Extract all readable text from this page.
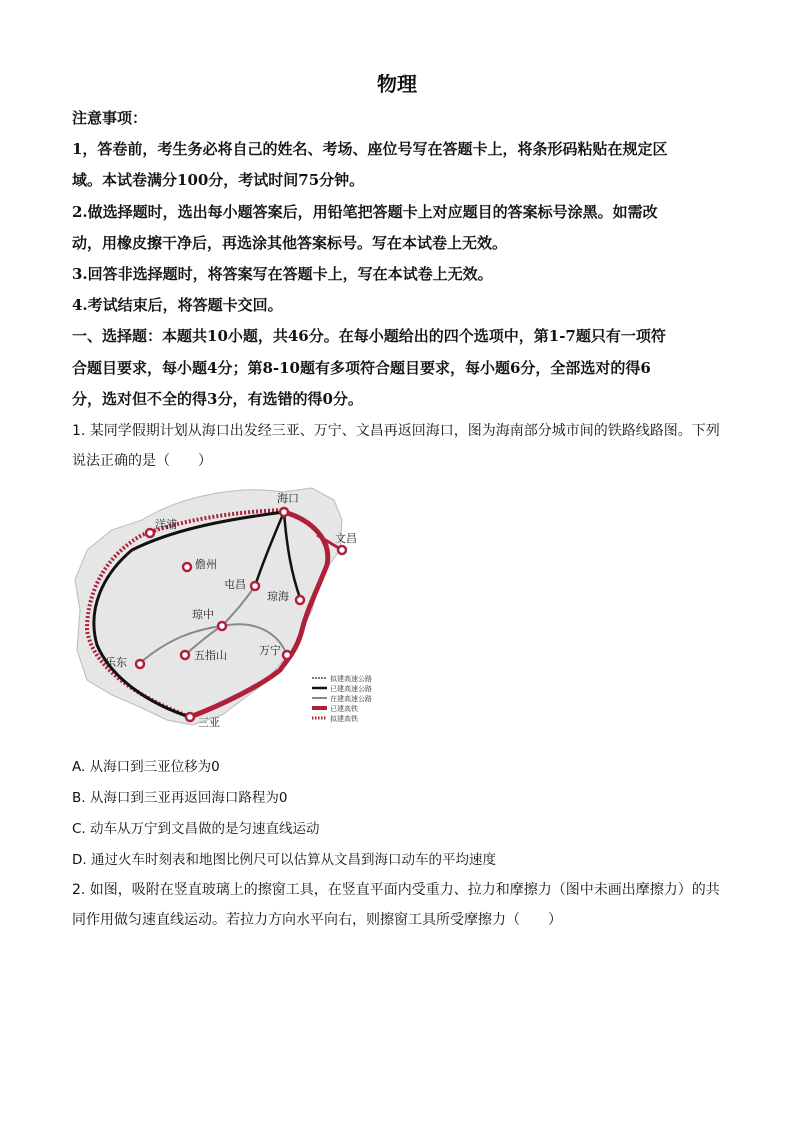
物理
注意事项：
1，答卷前，考生务必将自己的姓名、考场、座位号写在答题卡上，将条形码粘贴在规定区
域。本试卷满分100分，考试时间75分钟。
2.做选择题时，选出每小题答案后，用铅笔把答题卡上对应题目的答案标号涂黑。如需改
动，用橡皮擦干净后，再选涂其他答案标号。写在本试卷上无效。
3.回答非选择题时，将答案写在答题卡上，写在本试卷上无效。
4.考试结束后，将答题卡交回。
一、选择题：本题共10小题，共46分。在每小题给出的四个选项中，第1-7题只有一项符
合题目要求，每小题4分；第8-10题有多项符合题目要求，每小题6分，全部选对的得6
分，选对但不全的得3分，有选错的得0分。
1. 某同学假期计划从海口出发经三亚、万宁、文昌再返回海口，图为海南部分城市间的铁路线路图。下列
说法正确的是（　　）
海口
文昌
洋浦
儋州
屯昌
琼海
琼中
万宁
乐东
五指山
三亚
拟建高速公路
已建高速公路
在建高速公路
已建高铁
拟建高铁
A. 从海口到三亚位移为0
B. 从海口到三亚再返回海口路程为0
C. 动车从万宁到文昌做的是匀速直线运动
D. 通过火车时刻表和地图比例尺可以估算从文昌到海口动车的平均速度
2. 如图，吸附在竖直玻璃上的擦窗工具，在竖直平面内受重力、拉力和摩擦力（图中未画出摩擦力）的共
同作用做匀速直线运动。若拉力方向水平向右，则擦窗工具所受摩擦力（　　）
